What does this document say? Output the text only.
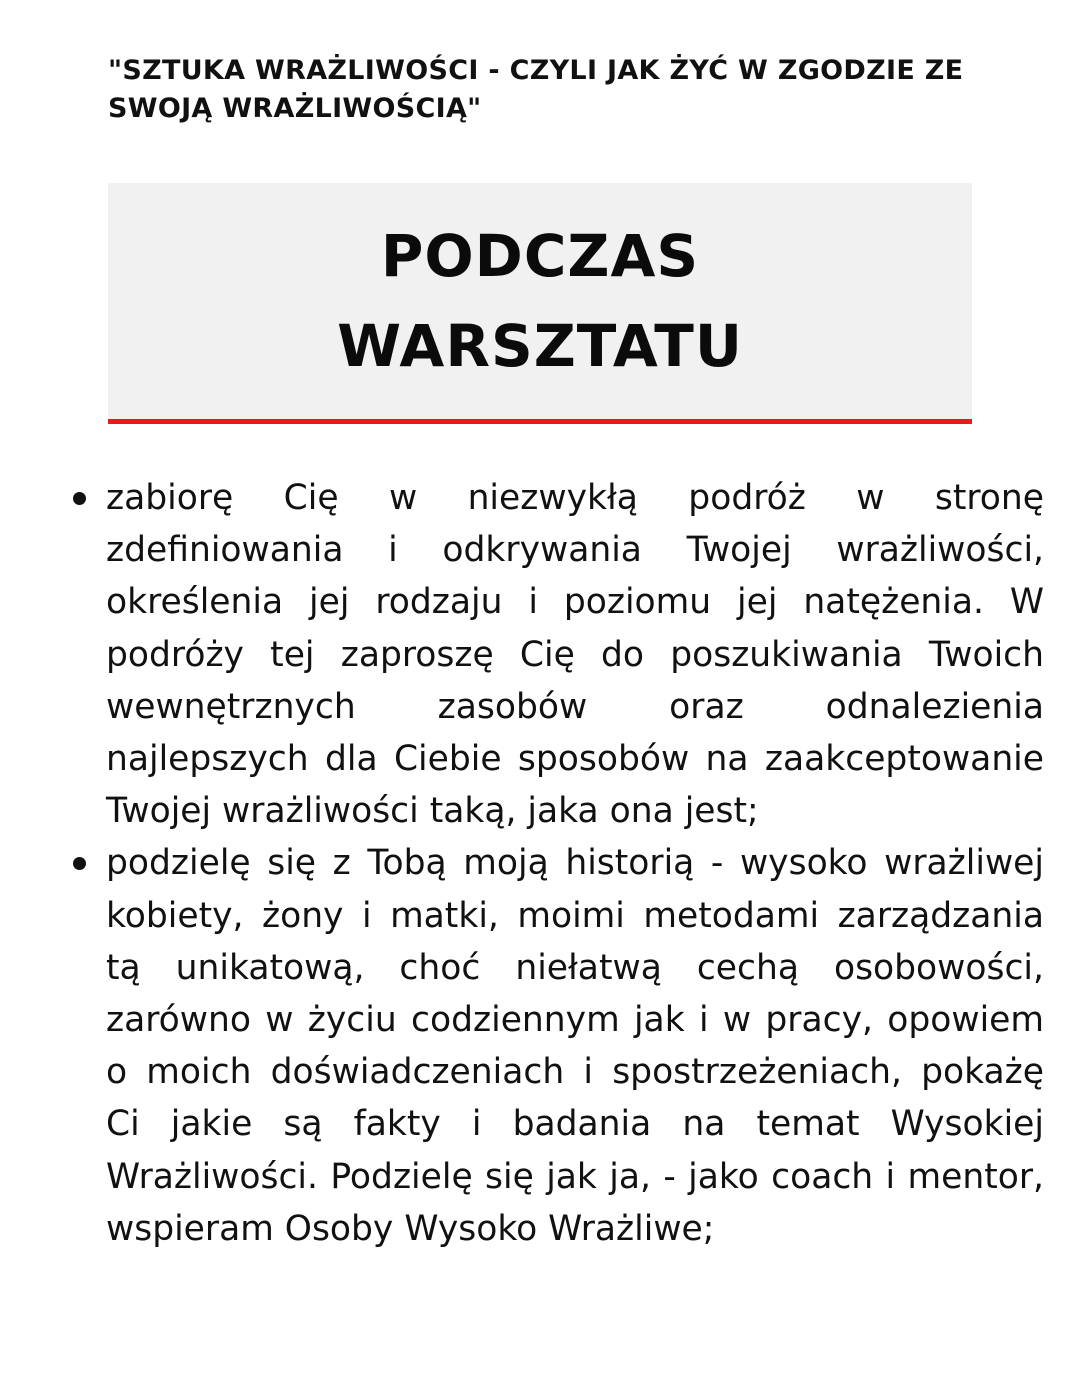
"SZTUKA WRAŻLIWOŚCI - CZYLI JAK ŻYĆ W ZGODZIE ZE SWOJĄ WRAŻLIWOŚCIĄ"

PODCZAS
WARSZTATU
zabiorę Cię w niezwykłą podróż w stronę zdefiniowania i odkrywania Twojej wrażliwości, określenia jej rodzaju i poziomu jej natężenia. W podróży tej zaproszę Cię do poszukiwania Twoich wewnętrznych zasobów oraz odnalezienia najlepszych dla Ciebie sposobów na zaakceptowanie Twojej wrażliwości taką, jaka ona jest;
podzielę się z Tobą moją historią - wysoko wrażliwej kobiety, żony i matki, moimi metodami zarządzania tą unikatową, choć niełatwą cechą osobowości, zarówno w życiu codziennym jak i w pracy, opowiem o moich doświadczeniach i spostrzeżeniach, pokażę Ci jakie są fakty i badania na temat Wysokiej Wrażliwości. Podzielę się jak ja, - jako coach i mentor, wspieram Osoby Wysoko Wrażliwe;
